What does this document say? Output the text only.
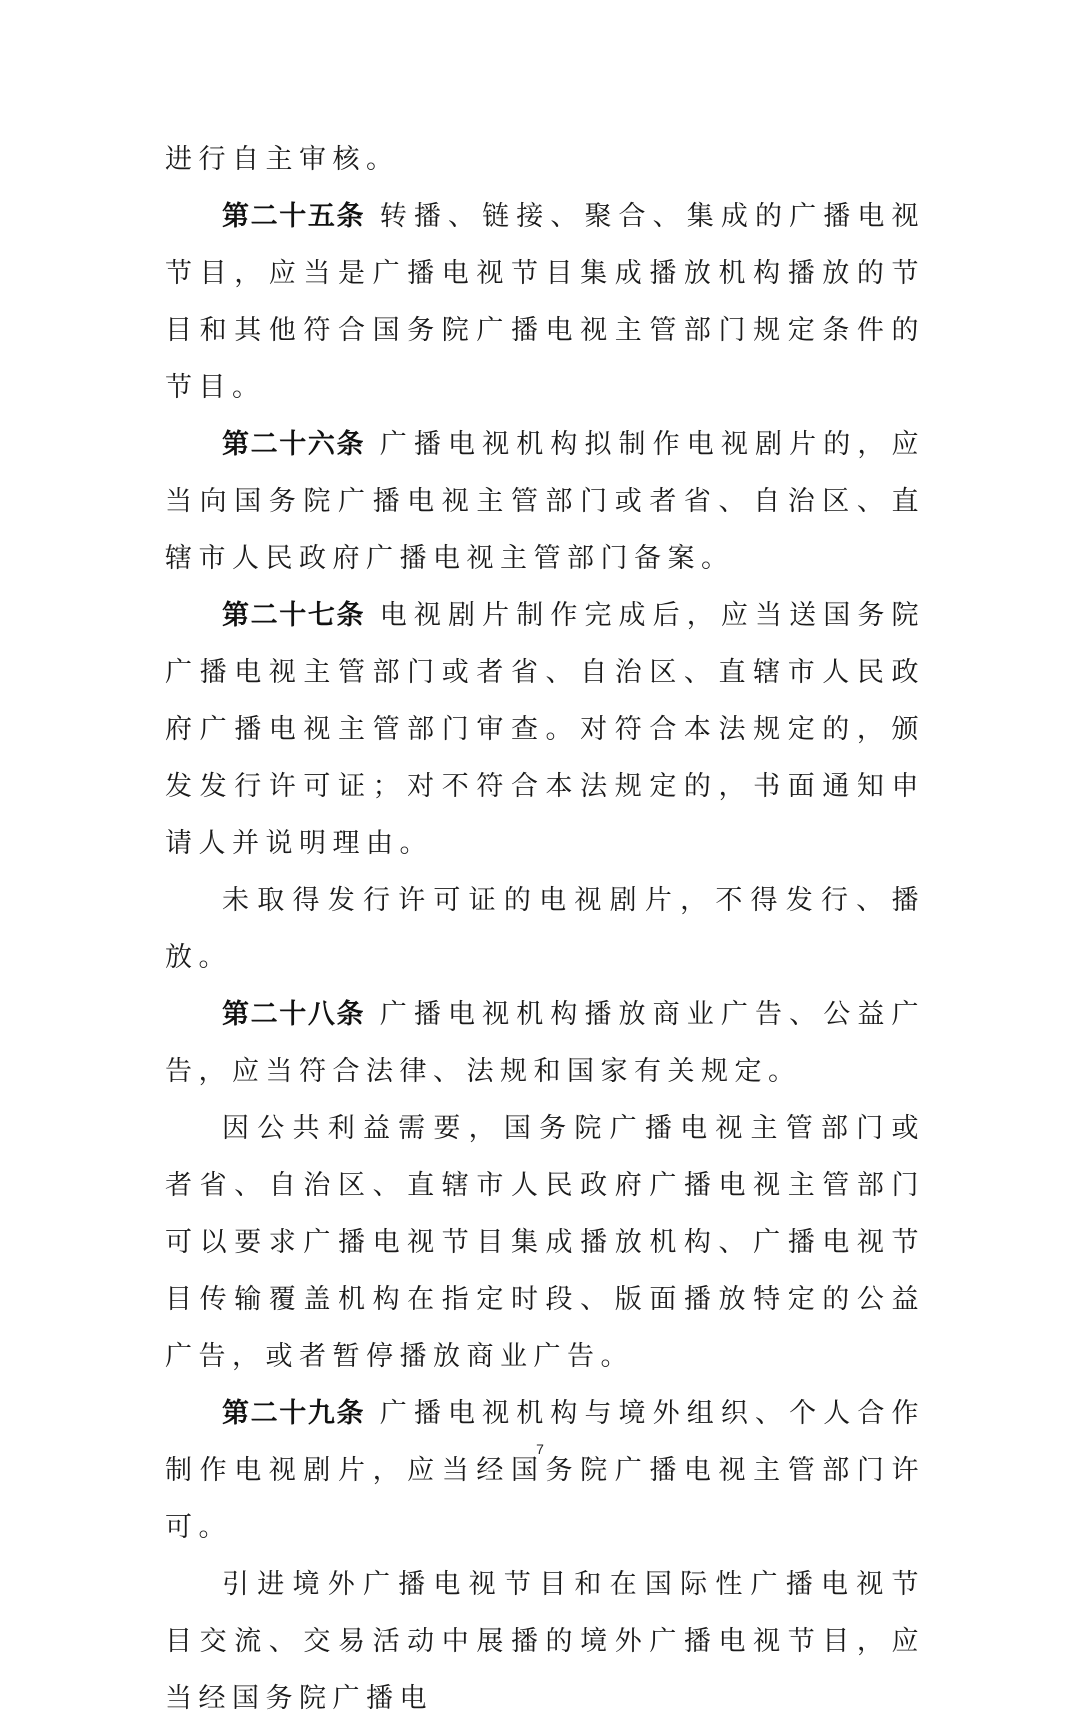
进行自主审核。

第二十五条 转播、链接、聚合、集成的广播电视节目，应当是广播电视节目集成播放机构播放的节目和其他符合国务院广播电视主管部门规定条件的节目。

第二十六条 广播电视机构拟制作电视剧片的，应当向国务院广播电视主管部门或者省、自治区、直辖市人民政府广播电视主管部门备案。

第二十七条 电视剧片制作完成后，应当送国务院广播电视主管部门或者省、自治区、直辖市人民政府广播电视主管部门审查。对符合本法规定的，颁发发行许可证；对不符合本法规定的，书面通知申请人并说明理由。

未取得发行许可证的电视剧片，不得发行、播放。

第二十八条 广播电视机构播放商业广告、公益广告，应当符合法律、法规和国家有关规定。

因公共利益需要，国务院广播电视主管部门或者省、自治区、直辖市人民政府广播电视主管部门可以要求广播电视节目集成播放机构、广播电视节目传输覆盖机构在指定时段、版面播放特定的公益广告，或者暂停播放商业广告。

第二十九条 广播电视机构与境外组织、个人合作制作电视剧片，应当经国务院广播电视主管部门许可。

引进境外广播电视节目和在国际性广播电视节目交流、交易活动中展播的境外广播电视节目，应当经国务院广播电

7
